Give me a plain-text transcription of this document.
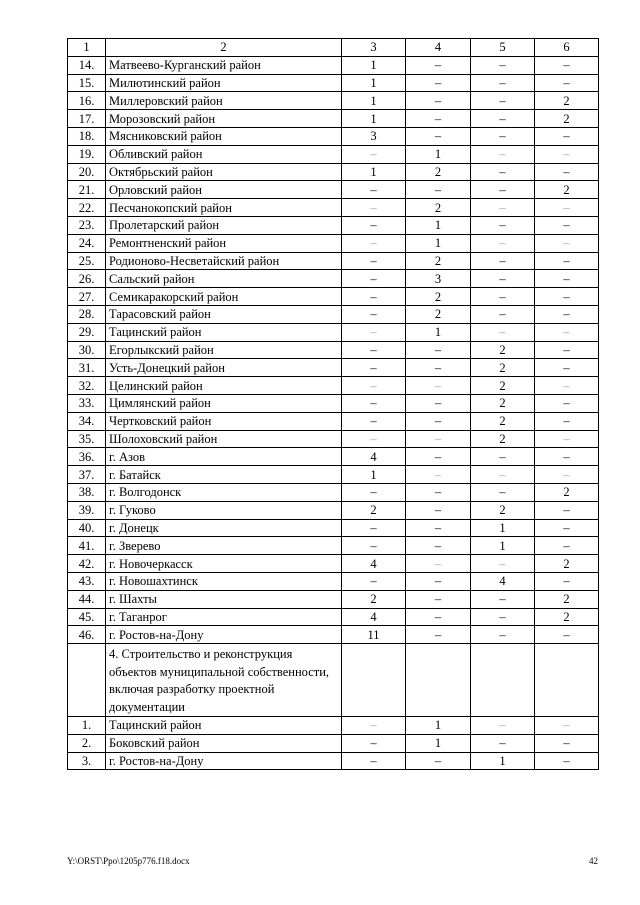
1	2	3	4	5	6
14.	Матвеево-Курганский район	1	–	–	–
15.	Милютинский район	1	–	–	–
16.	Миллеровский район	1	–	–	2
17.	Морозовский район	1	–	–	2
18.	Мясниковский район	3	–	–	–
19.	Обливский район	–	1	–	–
20.	Октябрьский район	1	2	–	–
21.	Орловский район	–	–	–	2
22.	Песчанокопский район	–	2	–	–
23.	Пролетарский район	–	1	–	–
24.	Ремонтненский район	–	1	–	–
25.	Родионово-Несветайский район	–	2	–	–
26.	Сальский район	–	3	–	–
27.	Семикаракорский район	–	2	–	–
28.	Тарасовский район	–	2	–	–
29.	Тацинский район	–	1	–	–
30.	Егорлыкский район	–	–	2	–
31.	Усть-Донецкий район	–	–	2	–
32.	Целинский район	–	–	2	–
33.	Цимлянский район	–	–	2	–
34.	Чертковский район	–	–	2	–
35.	Шолоховский район	–	–	2	–
36.	г. Азов	4	–	–	–
37.	г. Батайск	1	–	–	–
38.	г. Волгодонск	–	–	–	2
39.	г. Гуково	2	–	2	–
40.	г. Донецк	–	–	1	–
41.	г. Зверево	–	–	1	–
42.	г. Новочеркасск	4	–	–	2
43.	г. Новошахтинск	–	–	4	–
44.	г. Шахты	2	–	–	2
45.	г. Таганрог	4	–	–	2
46.	г. Ростов-на-Дону	11	–	–	–
	4. Строительство и реконструкция объектов муниципальной собственности, включая разработку проектной документации				
1.	Тацинский район	–	1	–	–
2.	Боковский район	–	1	–	–
3.	г. Ростов-на-Дону	–	–	1	–
Y:\ORST\Ppo\1205p776.f18.docx	42
